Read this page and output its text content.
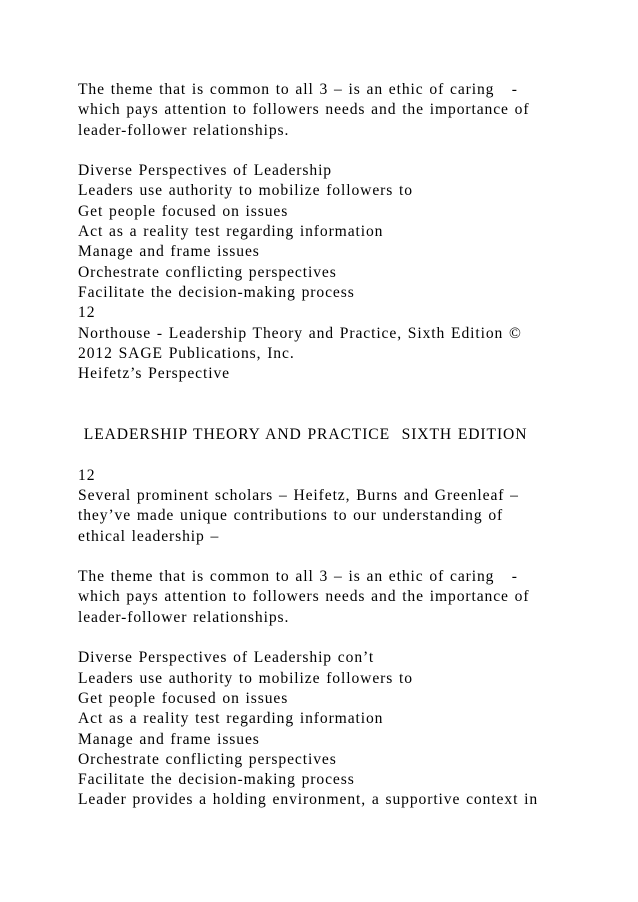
The theme that is common to all 3 – is an ethic of caring   -
which pays attention to followers needs and the importance of
leader-follower relationships.
Diverse Perspectives of Leadership
Leaders use authority to mobilize followers to
Get people focused on issues
Act as a reality test regarding information
Manage and frame issues
Orchestrate conflicting perspectives
Facilitate the decision-making process
12
Northouse - Leadership Theory and Practice, Sixth Edition ©
2012 SAGE Publications, Inc.
Heifetz’s Perspective
LEADERSHIP THEORY AND PRACTICE  SIXTH EDITION
12
Several prominent scholars – Heifetz, Burns and Greenleaf –
they’ve made unique contributions to our understanding of
ethical leadership –
The theme that is common to all 3 – is an ethic of caring   -
which pays attention to followers needs and the importance of
leader-follower relationships.
Diverse Perspectives of Leadership con’t
Leaders use authority to mobilize followers to
Get people focused on issues
Act as a reality test regarding information
Manage and frame issues
Orchestrate conflicting perspectives
Facilitate the decision-making process
Leader provides a holding environment, a supportive context in
